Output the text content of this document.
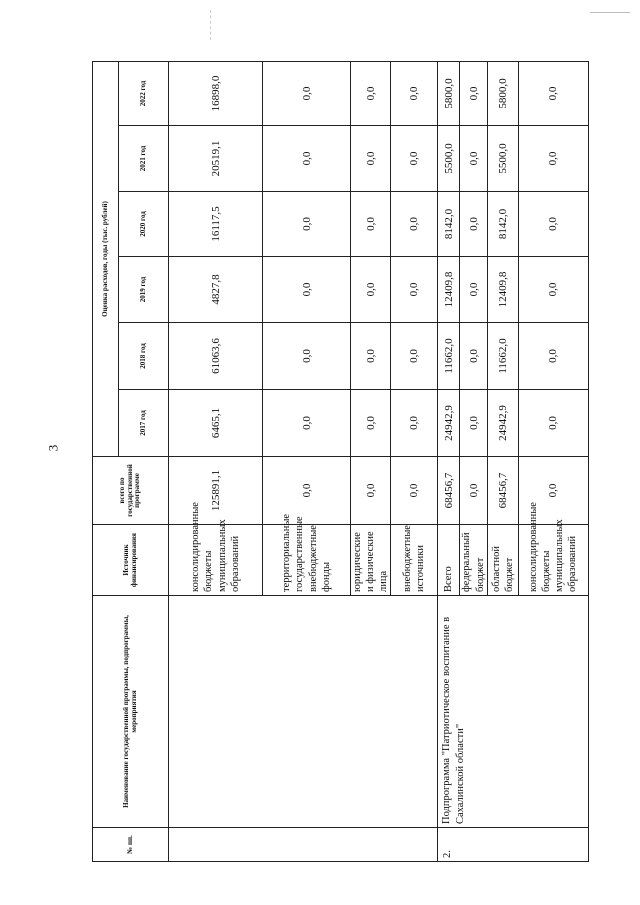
3
№ пп.	Наименование государственной программы, подпрограммы, мероприятия	Источник финансирования	всего по государственной программе	Оценка расходов, годы (тыс. рублей)					
				2017 год	2018 год	2019 год	2020 год	2021 год	2022 год
		консолидированные бюджеты муниципальных образований	125891,1	6465,1	61063,6	4827,8	16117,5	20519,1	16898,0
		территориальные государственные внебюджетные фонды	0,0	0,0	0,0	0,0	0,0	0,0	0,0
		юридические и физические лица	0,0	0,0	0,0	0,0	0,0	0,0	0,0
		внебюджетные источники	0,0	0,0	0,0	0,0	0,0	0,0	0,0
2.	Подпрограмма "Патриотическое воспитание в Сахалинской области"	Всего	68456,7	24942,9	11662,0	12409,8	8142,0	5500,0	5800,0
		федеральный бюджет	0,0	0,0	0,0	0,0	0,0	0,0	0,0
		областной бюджет	68456,7	24942,9	11662,0	12409,8	8142,0	5500,0	5800,0
		консолидированные бюджеты муниципальных образований	0,0	0,0	0,0	0,0	0,0	0,0	0,0
